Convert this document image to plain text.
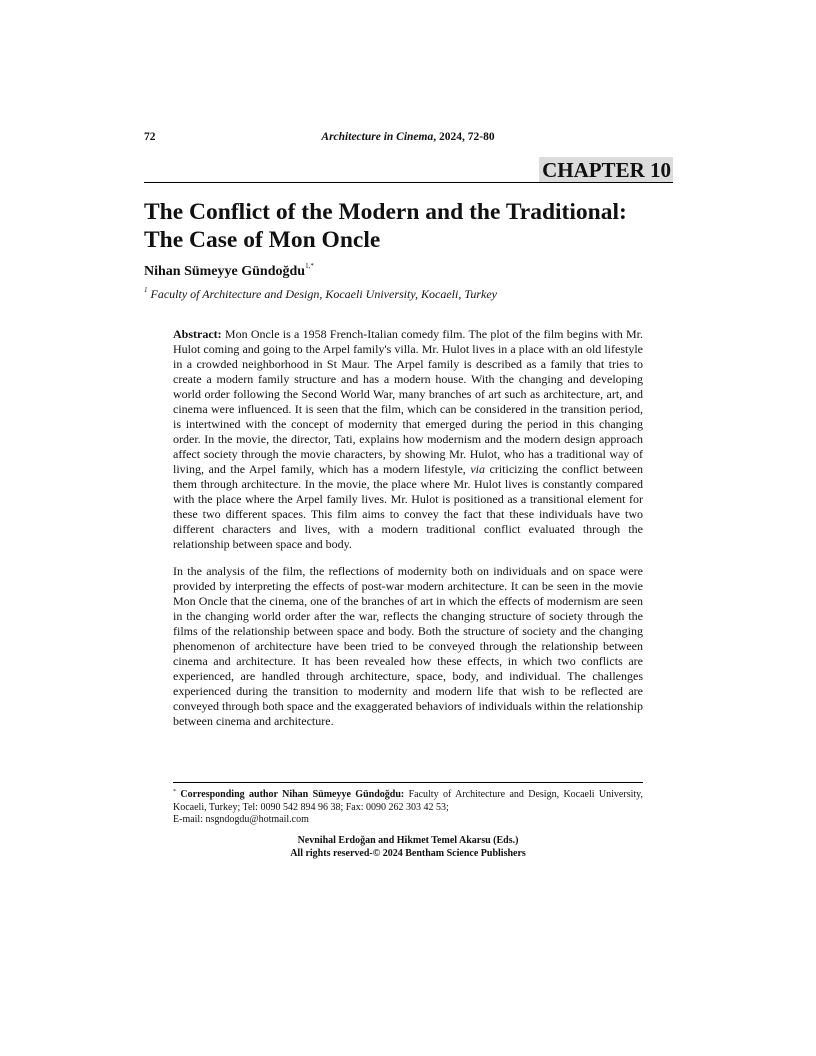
72	Architecture in Cinema, 2024, 72-80
CHAPTER 10
The Conflict of the Modern and the Traditional:
The Case of Mon Oncle
Nihan Sümeyye Gündoğdu$^{1,*}$
$^1$ Faculty of Architecture and Design, Kocaeli University, Kocaeli, Turkey

Abstract: Mon Oncle is a 1958 French-Italian comedy film. The plot of the film begins with Mr. Hulot coming and going to the Arpel family's villa. Mr. Hulot lives in a place with an old lifestyle in a crowded neighborhood in St Maur. The Arpel family is described as a family that tries to create a modern family structure and has a modern house. With the changing and developing world order following the Second World War, many branches of art such as architecture, art, and cinema were influenced. It is seen that the film, which can be considered in the transition period, is intertwined with the concept of modernity that emerged during the period in this changing order. In the movie, the director, Tati, explains how modernism and the modern design approach affect society through the movie characters, by showing Mr. Hulot, who has a traditional way of living, and the Arpel family, which has a modern lifestyle, via criticizing the conflict between them through architecture. In the movie, the place where Mr. Hulot lives is constantly compared with the place where the Arpel family lives. Mr. Hulot is positioned as a transitional element for these two different spaces. This film aims to convey the fact that these individuals have two different characters and lives, with a modern traditional conflict evaluated through the relationship between space and body.

In the analysis of the film, the reflections of modernity both on individuals and on space were provided by interpreting the effects of post-war modern architecture. It can be seen in the movie Mon Oncle that the cinema, one of the branches of art in which the effects of modernism are seen in the changing world order after the war, reflects the changing structure of society through the films of the relationship between space and body. Both the structure of society and the changing phenomenon of architecture have been tried to be conveyed through the relationship between cinema and architecture. It has been revealed how these effects, in which two conflicts are experienced, are handled through architecture, space, body, and individual. The challenges experienced during the transition to modernity and modern life that wish to be reflected are conveyed through both space and the exaggerated behaviors of individuals within the relationship between cinema and architecture.

* Corresponding author Nihan Sümeyye Gündoğdu: Faculty of Architecture and Design, Kocaeli University, Kocaeli, Turkey; Tel: 0090 542 894 96 38; Fax: 0090 262 303 42 53;

E-mail: nsgndogdu@hotmail.com

Nevnihal Erdoğan and Hikmet Temel Akarsu (Eds.)
All rights reserved-© 2024 Bentham Science Publishers
